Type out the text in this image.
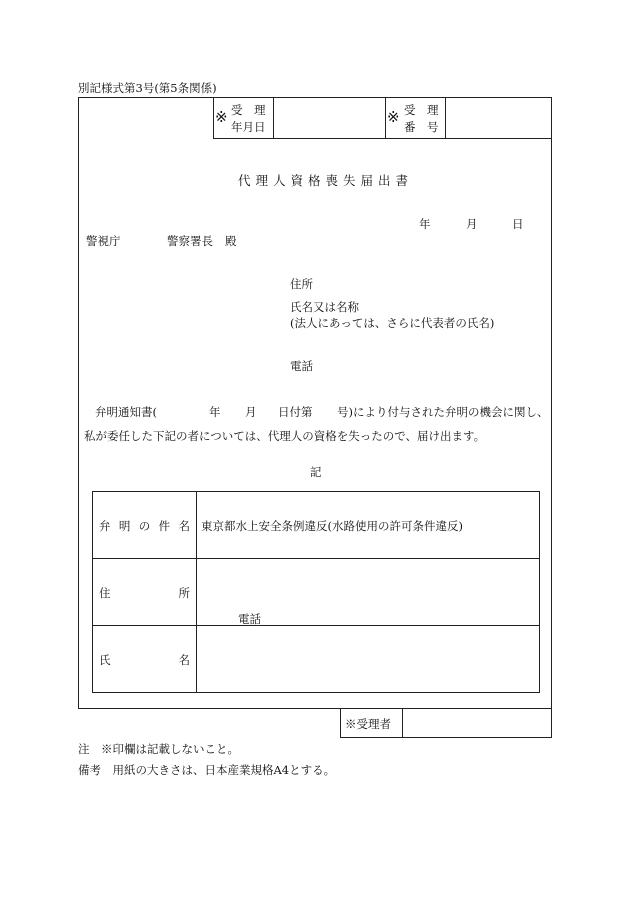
別記様式第3号(第5条関係)
※ 受　理
年月日
※ 受　理
番　号
代理人資格喪失届出書
年	月	日
警視庁	警察署長 殿
住所
氏名又は名称
(法人にあっては、さらに代表者の氏名)
電話
弁明通知書(	年 月 日付第 号)により付与された弁明の機会に関し、
私が委任した下記の者については、代理人の資格を失ったので、届け出ます。
記
弁 明 の 件 名 東京都水上安全条例違反(水路使用の許可条件違反)
住	所
電話
氏	名
※受理者
注　※印欄は記載しないこと。
備考　用紙の大きさは、日本産業規格A4とする。
